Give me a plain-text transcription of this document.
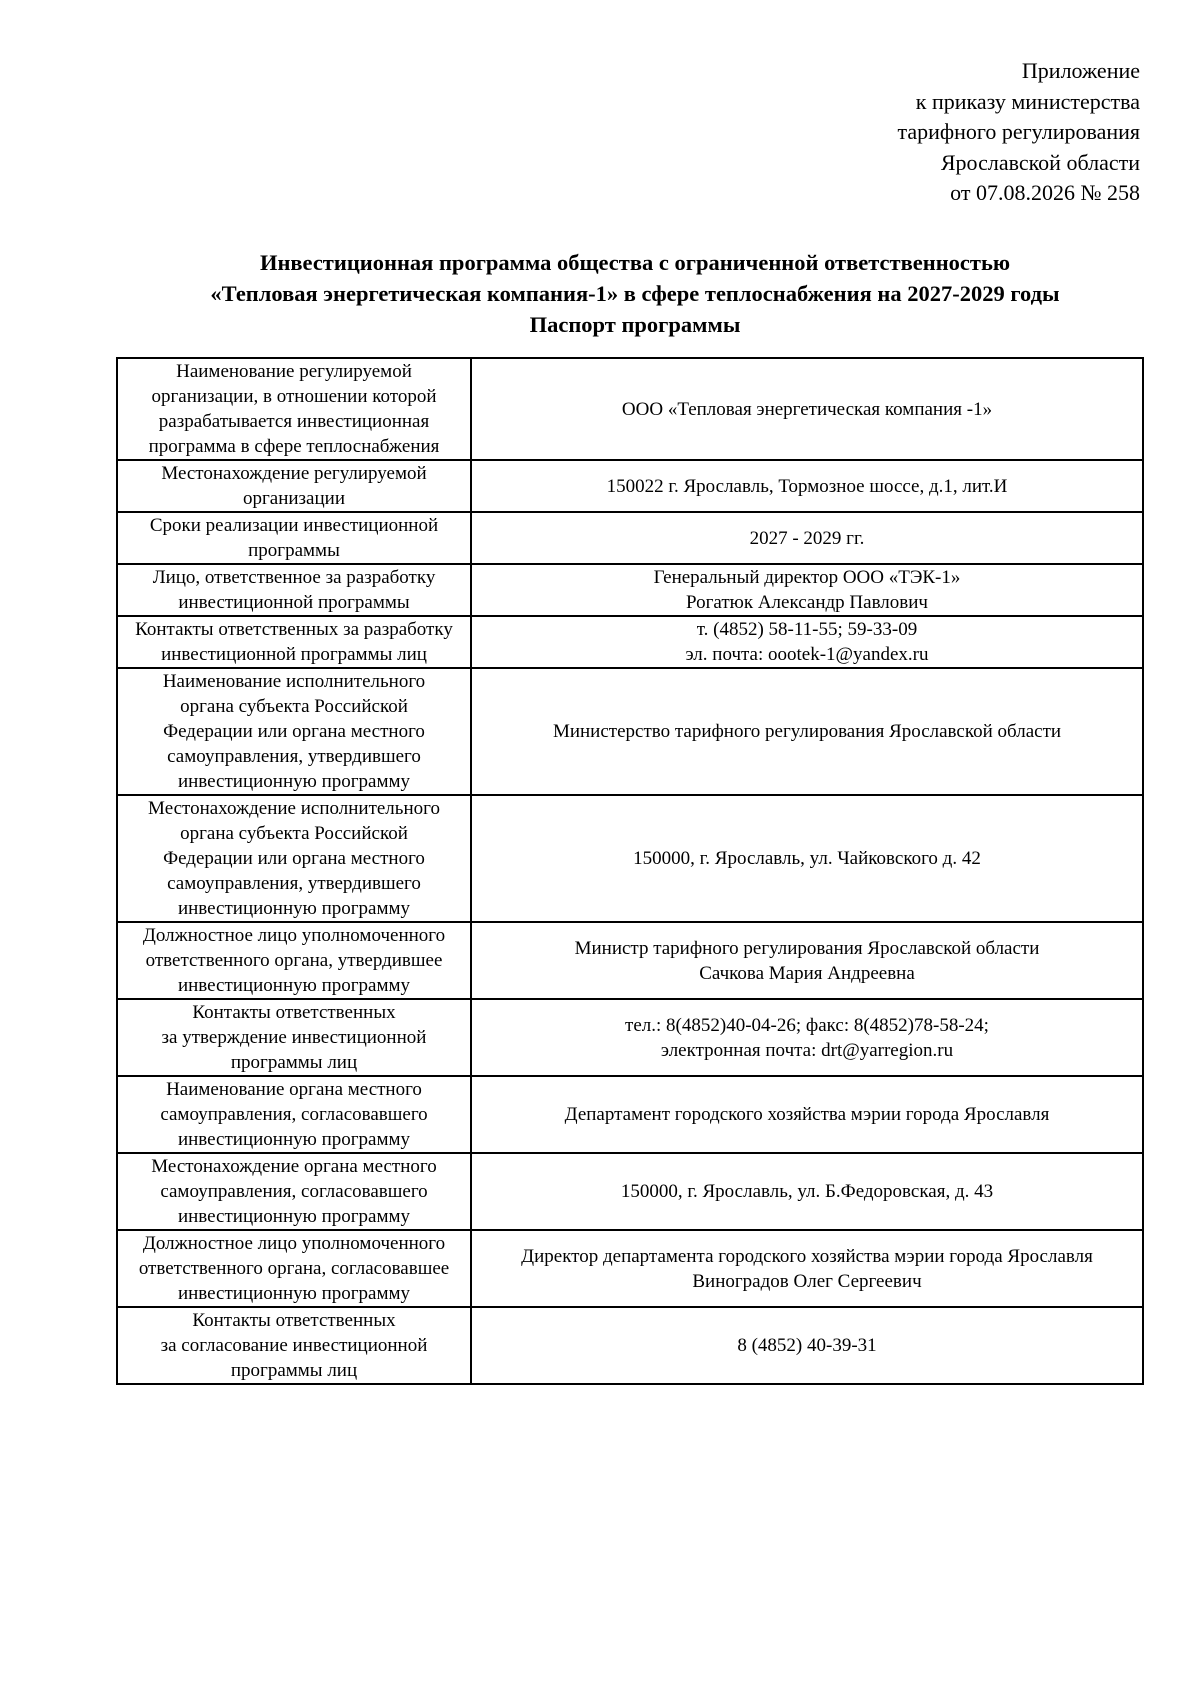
Приложение
к приказу министерства
тарифного регулирования
Ярославской области
от 07.08.2026 № 258
Инвестиционная программа общества с ограниченной ответственностью
«Тепловая энергетическая компания-1» в сфере теплоснабжения на 2027-2029 годы
Паспорт программы
Наименование регулируемой
организации, в отношении которой
разрабатывается инвестиционная
программа в сфере теплоснабжения	ООО «Тепловая энергетическая компания -1»

Местонахождение регулируемой
организации	150022 г. Ярославль, Тормозное шоссе, д.1, лит.И

Сроки реализации инвестиционной
программы	2027 - 2029 гг.

Лицо, ответственное за разработку
инвестиционной программы	Генеральный директор ООО «ТЭК-1»
Рогатюк Александр Павлович

Контакты ответственных за разработку
инвестиционной программы лиц	т. (4852) 58-11-55; 59-33-09
эл. почта: oootek-1@yandex.ru

Наименование исполнительного
органа субъекта Российской
Федерации или органа местного
самоуправления, утвердившего
инвестиционную программу	Министерство тарифного регулирования Ярославской области

Местонахождение исполнительного
органа субъекта Российской
Федерации или органа местного
самоуправления, утвердившего
инвестиционную программу	150000, г. Ярославль, ул. Чайковского д. 42

Должностное лицо уполномоченного
ответственного органа, утвердившее
инвестиционную программу	Министр тарифного регулирования Ярославской области
Сачкова Мария Андреевна

Контакты ответственных
за утверждение инвестиционной
программы лиц	тел.: 8(4852)40-04-26; факс: 8(4852)78-58-24;
электронная почта: drt@yarregion.ru

Наименование органа местного
самоуправления, согласовавшего
инвестиционную программу	Департамент городского хозяйства мэрии города Ярославля

Местонахождение органа местного
самоуправления, согласовавшего
инвестиционную программу	150000, г. Ярославль, ул. Б.Федоровская, д. 43

Должностное лицо уполномоченного
ответственного органа, согласовавшее
инвестиционную программу	Директор департамента городского хозяйства мэрии города Ярославля
Виноградов Олег Сергеевич

Контакты ответственных
за согласование инвестиционной
программы лиц	8 (4852) 40-39-31
